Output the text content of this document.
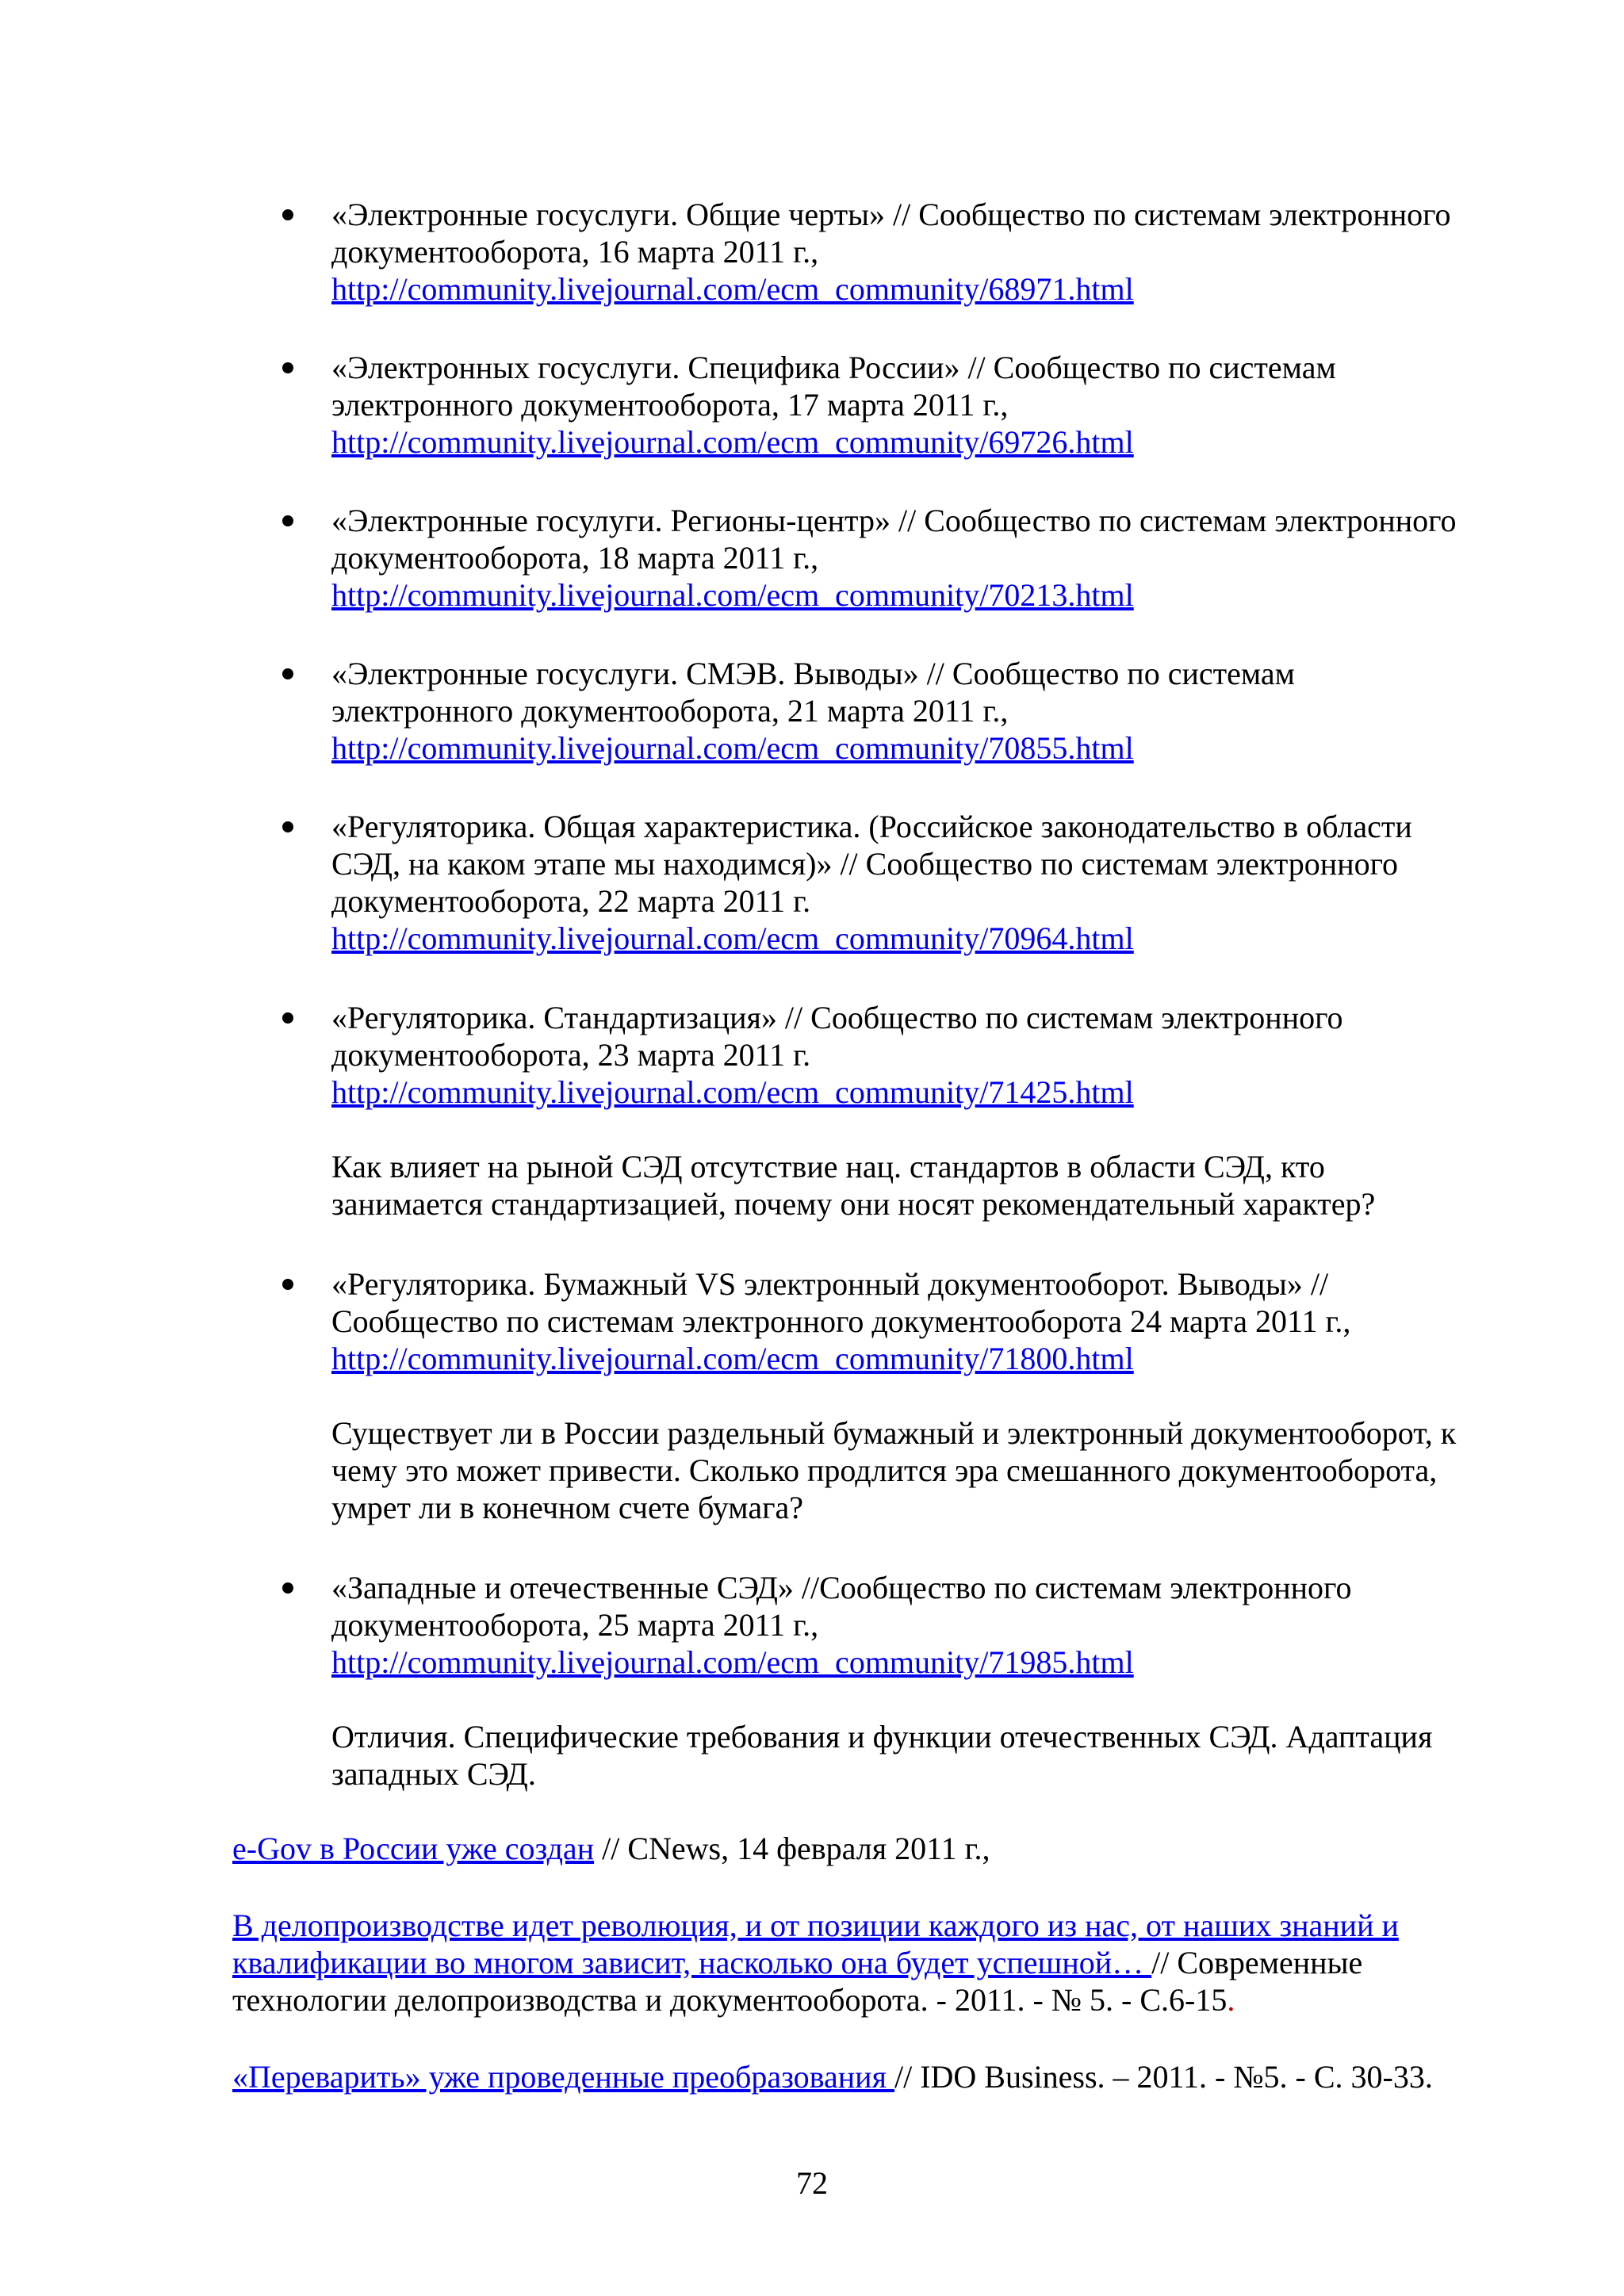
«Электронные госуслуги. Общие черты» // Сообщество по системам электронного
документооборота, 16 марта 2011 г.,
http://community.livejournal.com/ecm_community/68971.html
«Электронных госуслуги. Специфика России» // Сообщество по системам
электронного документооборота, 17 марта 2011 г.,
http://community.livejournal.com/ecm_community/69726.html
«Электронные госулуги. Регионы-центр» // Сообщество по системам электронного
документооборота, 18 марта 2011 г.,
http://community.livejournal.com/ecm_community/70213.html
«Электронные госуслуги. СМЭВ. Выводы» // Сообщество по системам
электронного документооборота, 21 марта 2011 г.,
http://community.livejournal.com/ecm_community/70855.html
«Регуляторика. Общая характеристика. (Российское законодательство в области
СЭД, на каком этапе мы находимся)» // Сообщество по системам электронного
документооборота, 22 марта 2011 г.
http://community.livejournal.com/ecm_community/70964.html
«Регуляторика. Стандартизация» // Сообщество по системам электронного
документооборота, 23 марта 2011 г.
http://community.livejournal.com/ecm_community/71425.html
Как влияет на рыной СЭД отсутствие нац. стандартов в области СЭД, кто
занимается стандартизацией, почему они носят рекомендательный характер?
«Регуляторика. Бумажный VS электронный документооборот. Выводы» //
Сообщество по системам электронного документооборота 24 марта 2011 г.,
http://community.livejournal.com/ecm_community/71800.html
Существует ли в России раздельный бумажный и электронный документооборот, к
чему это может привести. Сколько продлится эра смешанного документооборота,
умрет ли в конечном счете бумага?
«Западные и отечественные СЭД» //Сообщество по системам электронного
документооборота, 25 марта 2011 г.,
http://community.livejournal.com/ecm_community/71985.html
Отличия. Специфические требования и функции отечественных СЭД. Адаптация
западных СЭД.
e-Gov в России уже создан // CNews, 14 февраля 2011 г.,
В делопроизводстве идет революция, и от позиции каждого из нас, от наших знаний и
квалификации во многом зависит, насколько она будет успешной… // Современные
технологии делопроизводства и документооборота. - 2011. - № 5. - С.6-15.
«Переварить» уже проведенные преобразования // IDO Business. – 2011. - №5. - С. 30-33.
72
